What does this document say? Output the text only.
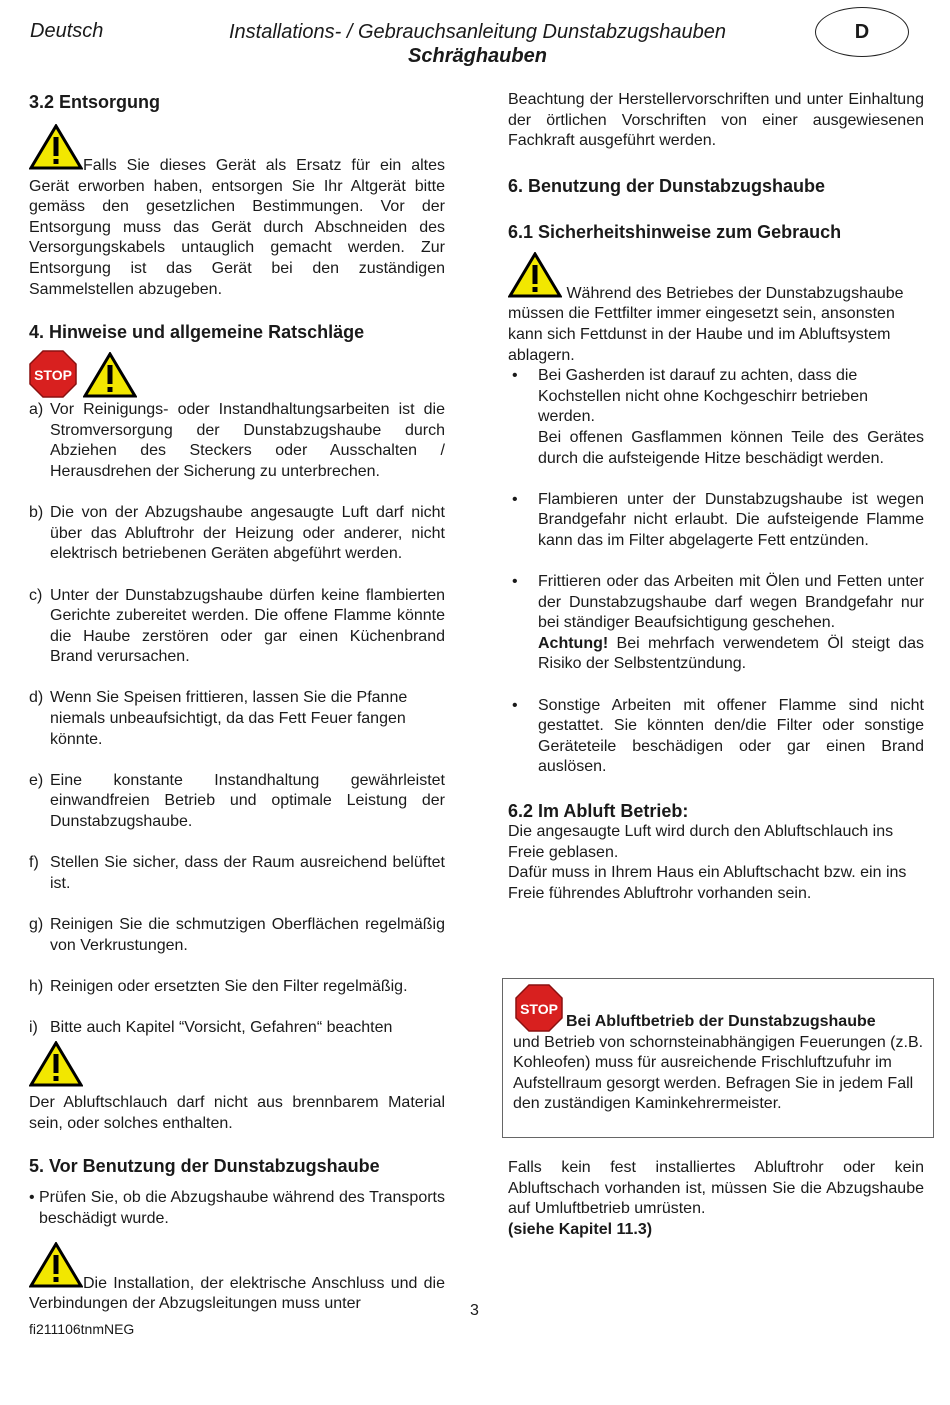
Deutsch	Installations- / Gebrauchsanleitung Dunstabzugshauben
Schräghauben
D

3.2 Entsorgung

Falls Sie dieses Gerät als Ersatz für ein altes Gerät erworben haben, entsorgen Sie Ihr Altgerät bitte gemäss den gesetzlichen Bestimmungen. Vor der Entsorgung muss das Gerät durch Abschneiden des Versorgungskabels untauglich gemacht werden. Zur Entsorgung ist das Gerät bei den zuständigen Sammelstellen abzugeben.

4. Hinweise und allgemeine Ratschläge

STOP

a) Vor Reinigungs- oder Instandhaltungsarbeiten ist die Stromversorgung der Dunstabzugshaube durch Abziehen des Steckers oder Ausschalten / Herausdrehen der Sicherung zu unterbrechen.

b) Die von der Abzugshaube angesaugte Luft darf nicht über das Abluftrohr der Heizung oder anderer, nicht elektrisch betriebenen Geräten abgeführt werden.

c) Unter der Dunstabzugshaube dürfen keine flambierten Gerichte zubereitet werden. Die offene Flamme könnte die Haube zerstören oder gar einen Küchenbrand Brand verursachen.

d) Wenn Sie Speisen frittieren, lassen Sie die Pfanne niemals unbeaufsichtigt, da das Fett Feuer fangen könnte.

e) Eine konstante Instandhaltung gewährleistet einwandfreien Betrieb und optimale Leistung der Dunstabzugshaube.

f) Stellen Sie sicher, dass der Raum ausreichend belüftet ist.

g) Reinigen Sie die schmutzigen Oberflächen regelmäßig von Verkrustungen.

h) Reinigen oder ersetzten Sie den Filter regelmäßig.

i) Bitte auch Kapitel “Vorsicht, Gefahren“ beachten

Der Abluftschlauch darf nicht aus brennbarem Material sein, oder solches enthalten.

5. Vor Benutzung der Dunstabzugshaube

• Prüfen Sie, ob die Abzugshaube während des Transports beschädigt wurde.

Die Installation, der elektrische Anschluss und die Verbindungen der Abzugsleitungen muss unter

Beachtung der Herstellervorschriften und unter Einhaltung der örtlichen Vorschriften von einer ausgewiesenen Fachkraft ausgeführt werden.

6. Benutzung der Dunstabzugshaube

6.1 Sicherheitshinweise zum Gebrauch

Während des Betriebes der Dunstabzugshaube müssen die Fettfilter immer eingesetzt sein, ansonsten kann sich Fettdunst in der Haube und im Abluftsystem ablagern.

• Bei Gasherden ist darauf zu achten, dass die Kochstellen nicht ohne Kochgeschirr betrieben werden.

Bei offenen Gasflammen können Teile des Gerätes durch die aufsteigende Hitze beschädigt werden.

• Flambieren unter der Dunstabzugshaube ist wegen Brandgefahr nicht erlaubt. Die aufsteigende Flamme kann das im Filter abgelagerte Fett entzünden.

• Frittieren oder das Arbeiten mit Ölen und Fetten unter der Dunstabzugshaube darf wegen Brandgefahr nur bei ständiger Beaufsichtigung geschehen.

Achtung! Bei mehrfach verwendetem Öl steigt das Risiko der Selbstentzündung.

• Sonstige Arbeiten mit offener Flamme sind nicht gestattet. Sie könnten den/die Filter oder sonstige Geräteteile beschädigen oder gar einen Brand auslösen.

6.2 Im Abluft Betrieb:

Die angesaugte Luft wird durch den Abluftschlauch ins Freie geblasen.

Dafür muss in Ihrem Haus ein Abluftschacht bzw. ein ins Freie führendes Abluftrohr vorhanden sein.

STOP
Bei Abluftbetrieb der Dunstabzugshaube
und Betrieb von schornsteinabhängigen Feuerungen (z.B. Kohleofen) muss für ausreichende Frischluftzufuhr im Aufstellraum gesorgt werden. Befragen Sie in jedem Fall den zuständigen Kaminkehrermeister.

Falls kein fest installiertes Abluftrohr oder kein Abluftschach vorhanden ist, müssen Sie die Abzugshaube auf Umluftbetrieb umrüsten.

(siehe Kapitel 11.3)

3
fi211106tnmNEG
